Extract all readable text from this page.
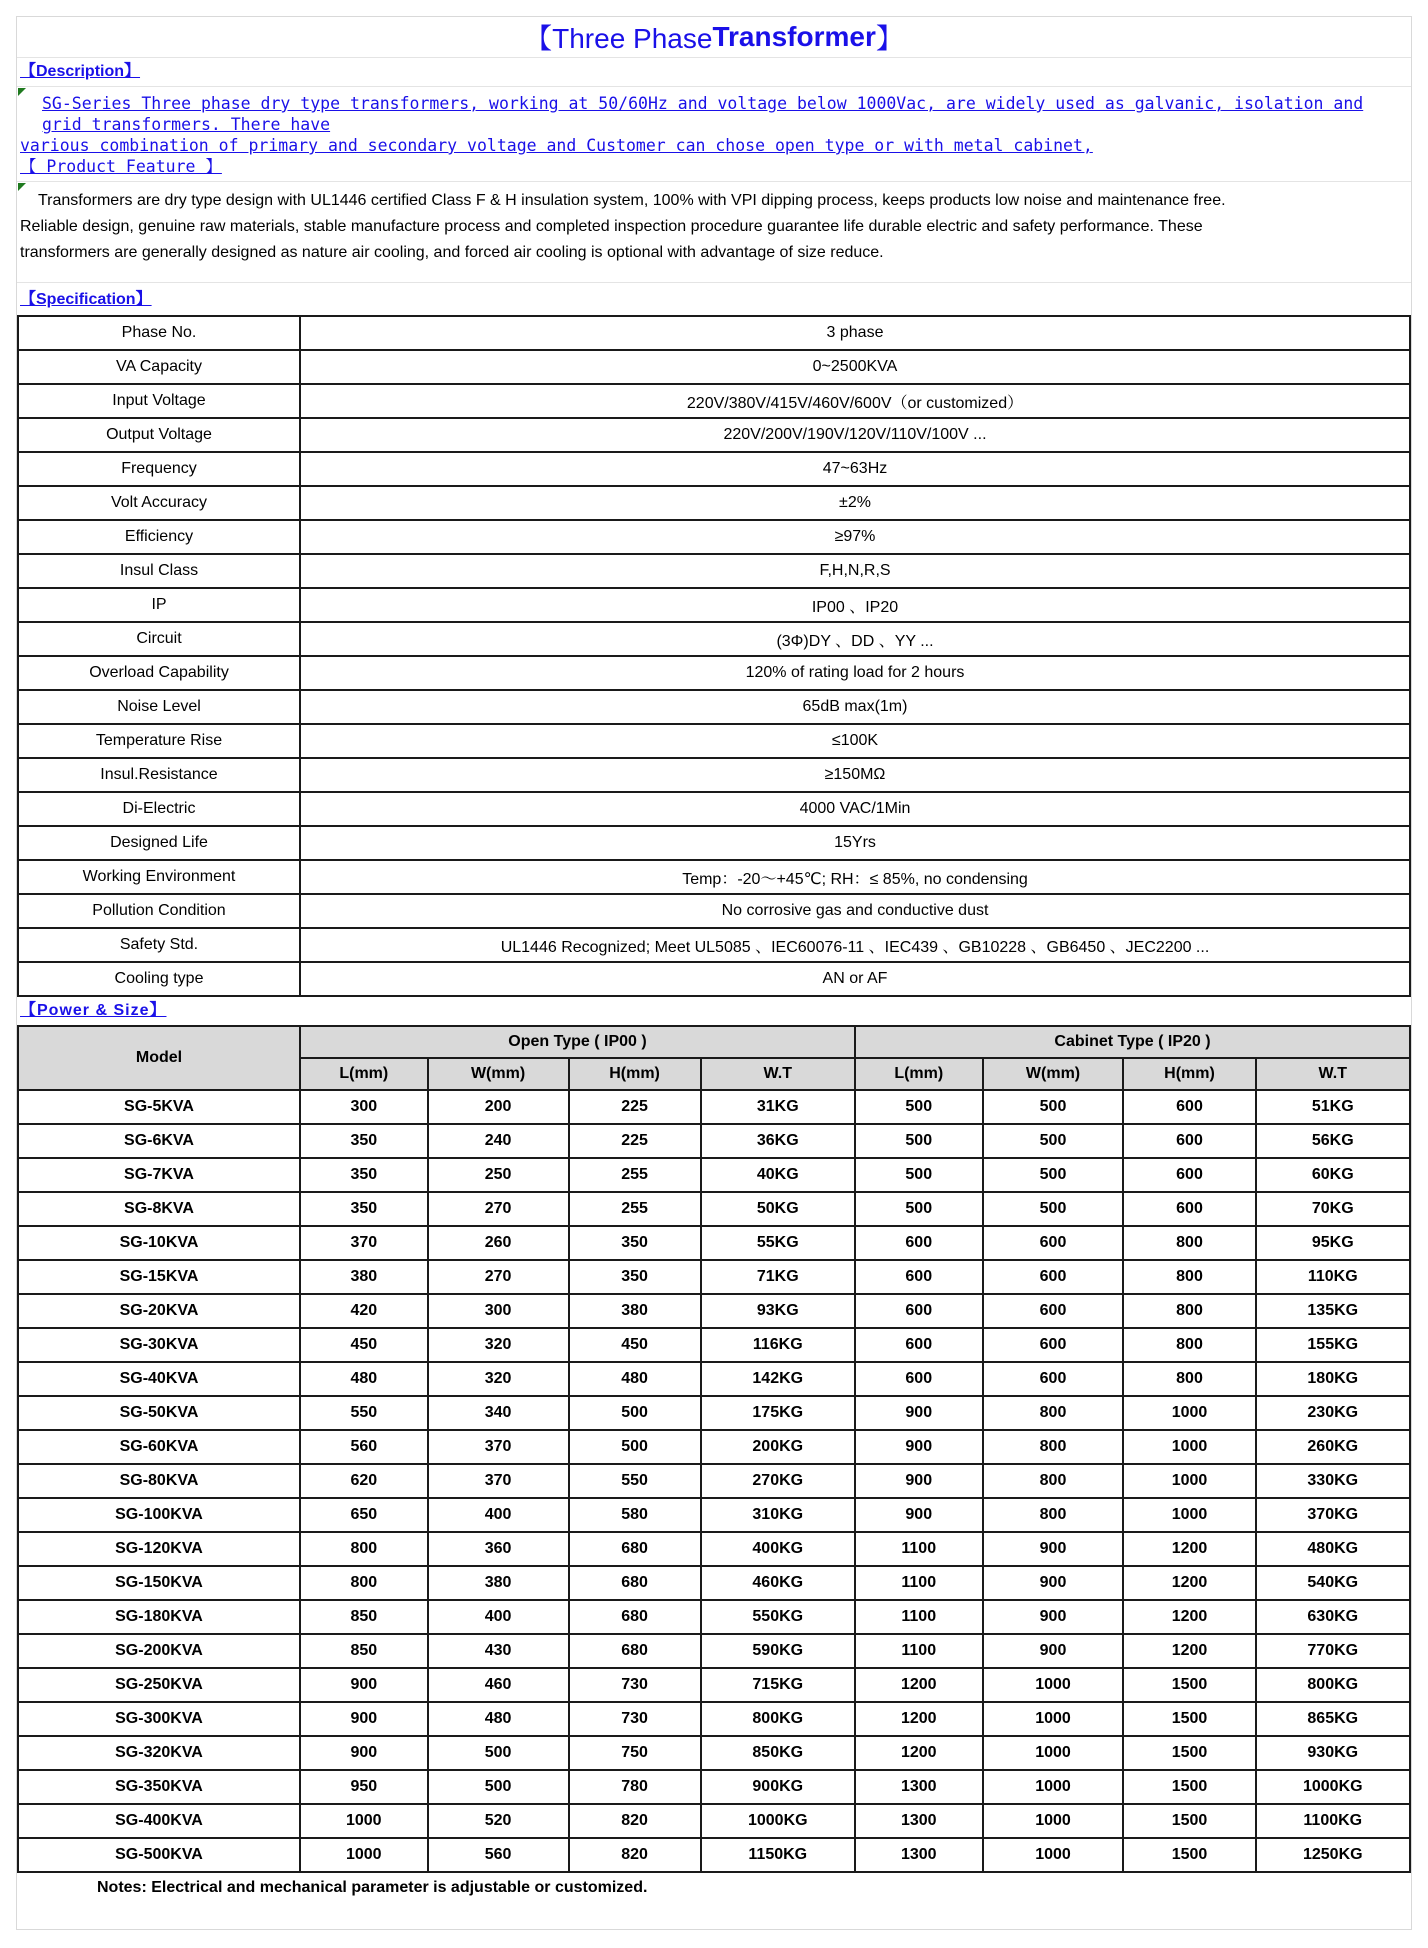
【Three Phase Transformer 】
【Description】
SG-Series Three phase dry type transformers, working at 50/60Hz and voltage below 1000Vac, are widely used as galvanic, isolation and grid transformers. There have
various combination of primary and secondary voltage and Customer can chose open type or with metal cabinet,
【 Product Feature 】
Transformers are dry type design with UL1446 certified Class F & H insulation system, 100% with VPI dipping process, keeps products low noise and maintenance free.
Reliable design, genuine raw materials, stable manufacture process and completed inspection procedure guarantee life durable electric and safety performance. These
transformers are generally designed as nature air cooling, and forced air cooling is optional with advantage of size reduce.
【Specification】
Phase No.	3 phase
VA Capacity	0~2500KVA
Input Voltage	220V/380V/415V/460V/600V（or customized）
Output Voltage	220V/200V/190V/120V/110V/100V ...
Frequency	47~63Hz
Volt Accuracy	±2%
Efficiency	≥97%
Insul Class	F,H,N,R,S
IP	IP00 、IP20
Circuit	(3Φ)DY 、DD 、YY ...
Overload Capability	120% of rating load for 2 hours
Noise Level	65dB max(1m)
Temperature Rise	≤100K
Insul.Resistance	≥150MΩ
Di-Electric	4000 VAC/1Min
Designed Life	15Yrs
Working Environment	Temp：-20～+45℃; RH：≤ 85%, no condensing
Pollution Condition	No corrosive gas and conductive dust
Safety Std.	UL1446 Recognized; Meet UL5085 、IEC60076-11 、IEC439 、GB10228 、GB6450 、JEC2200 ...
Cooling type	AN or AF
【Power & Size】
Model	Open Type ( IP00 )				Cabinet Type ( IP20 )			
	L(mm)	W(mm)	H(mm)	W.T	L(mm)	W(mm)	H(mm)	W.T
SG-5KVA	300	200	225	31KG	500	500	600	51KG
SG-6KVA	350	240	225	36KG	500	500	600	56KG
SG-7KVA	350	250	255	40KG	500	500	600	60KG
SG-8KVA	350	270	255	50KG	500	500	600	70KG
SG-10KVA	370	260	350	55KG	600	600	800	95KG
SG-15KVA	380	270	350	71KG	600	600	800	110KG
SG-20KVA	420	300	380	93KG	600	600	800	135KG
SG-30KVA	450	320	450	116KG	600	600	800	155KG
SG-40KVA	480	320	480	142KG	600	600	800	180KG
SG-50KVA	550	340	500	175KG	900	800	1000	230KG
SG-60KVA	560	370	500	200KG	900	800	1000	260KG
SG-80KVA	620	370	550	270KG	900	800	1000	330KG
SG-100KVA	650	400	580	310KG	900	800	1000	370KG
SG-120KVA	800	360	680	400KG	1100	900	1200	480KG
SG-150KVA	800	380	680	460KG	1100	900	1200	540KG
SG-180KVA	850	400	680	550KG	1100	900	1200	630KG
SG-200KVA	850	430	680	590KG	1100	900	1200	770KG
SG-250KVA	900	460	730	715KG	1200	1000	1500	800KG
SG-300KVA	900	480	730	800KG	1200	1000	1500	865KG
SG-320KVA	900	500	750	850KG	1200	1000	1500	930KG
SG-350KVA	950	500	780	900KG	1300	1000	1500	1000KG
SG-400KVA	1000	520	820	1000KG	1300	1000	1500	1100KG
SG-500KVA	1000	560	820	1150KG	1300	1000	1500	1250KG
Notes: Electrical and mechanical parameter is adjustable or customized.
